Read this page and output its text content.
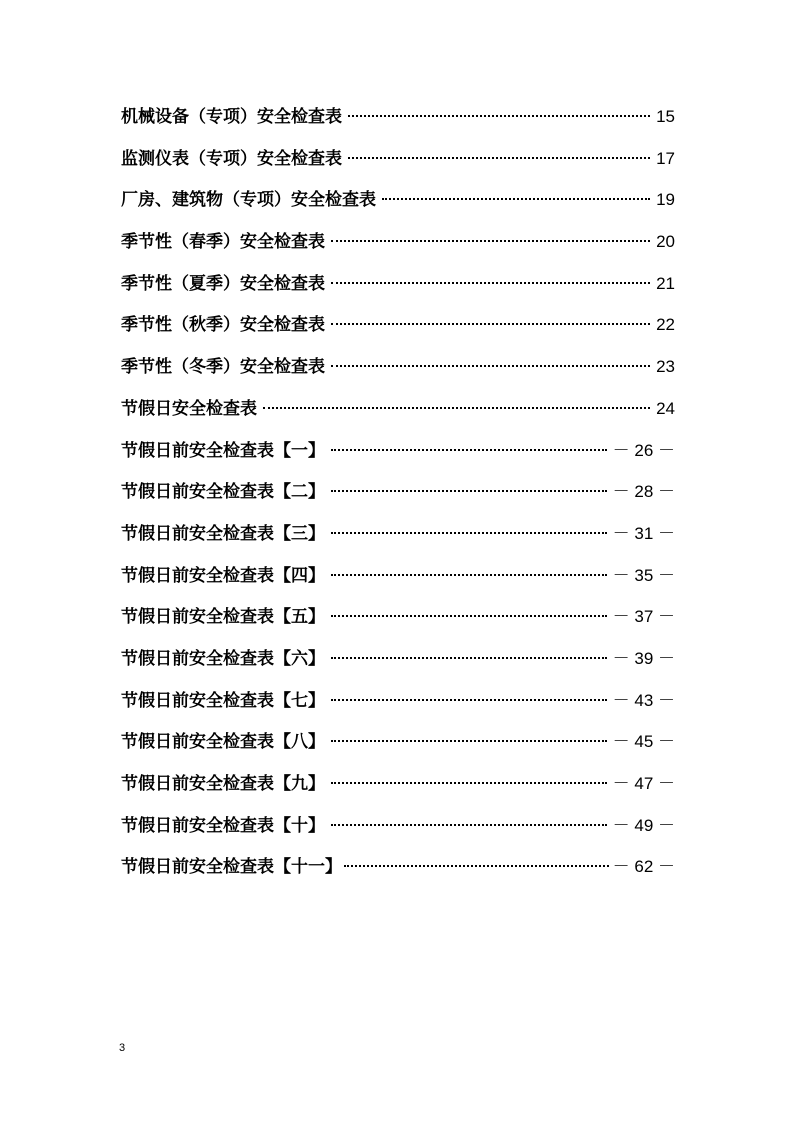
机械设备（专项）安全检查表	15
监测仪表（专项）安全检查表	17
厂房、建筑物（专项）安全检查表	19
季节性（春季）安全检查表	20
季节性（夏季）安全检查表	21
季节性（秋季）安全检查表	22
季节性（冬季）安全检查表	23
节假日安全检查表	24
节假日前安全检查表【一】	－ 26 －
节假日前安全检查表【二】	－ 28 －
节假日前安全检查表【三】	－ 31 －
节假日前安全检查表【四】	－ 35 －
节假日前安全检查表【五】	－ 37 －
节假日前安全检查表【六】	－ 39 －
节假日前安全检查表【七】	－ 43 －
节假日前安全检查表【八】	－ 45 －
节假日前安全检查表【九】	－ 47 －
节假日前安全检查表【十】	－ 49 －
节假日前安全检查表【十一】	－ 62 －
3
